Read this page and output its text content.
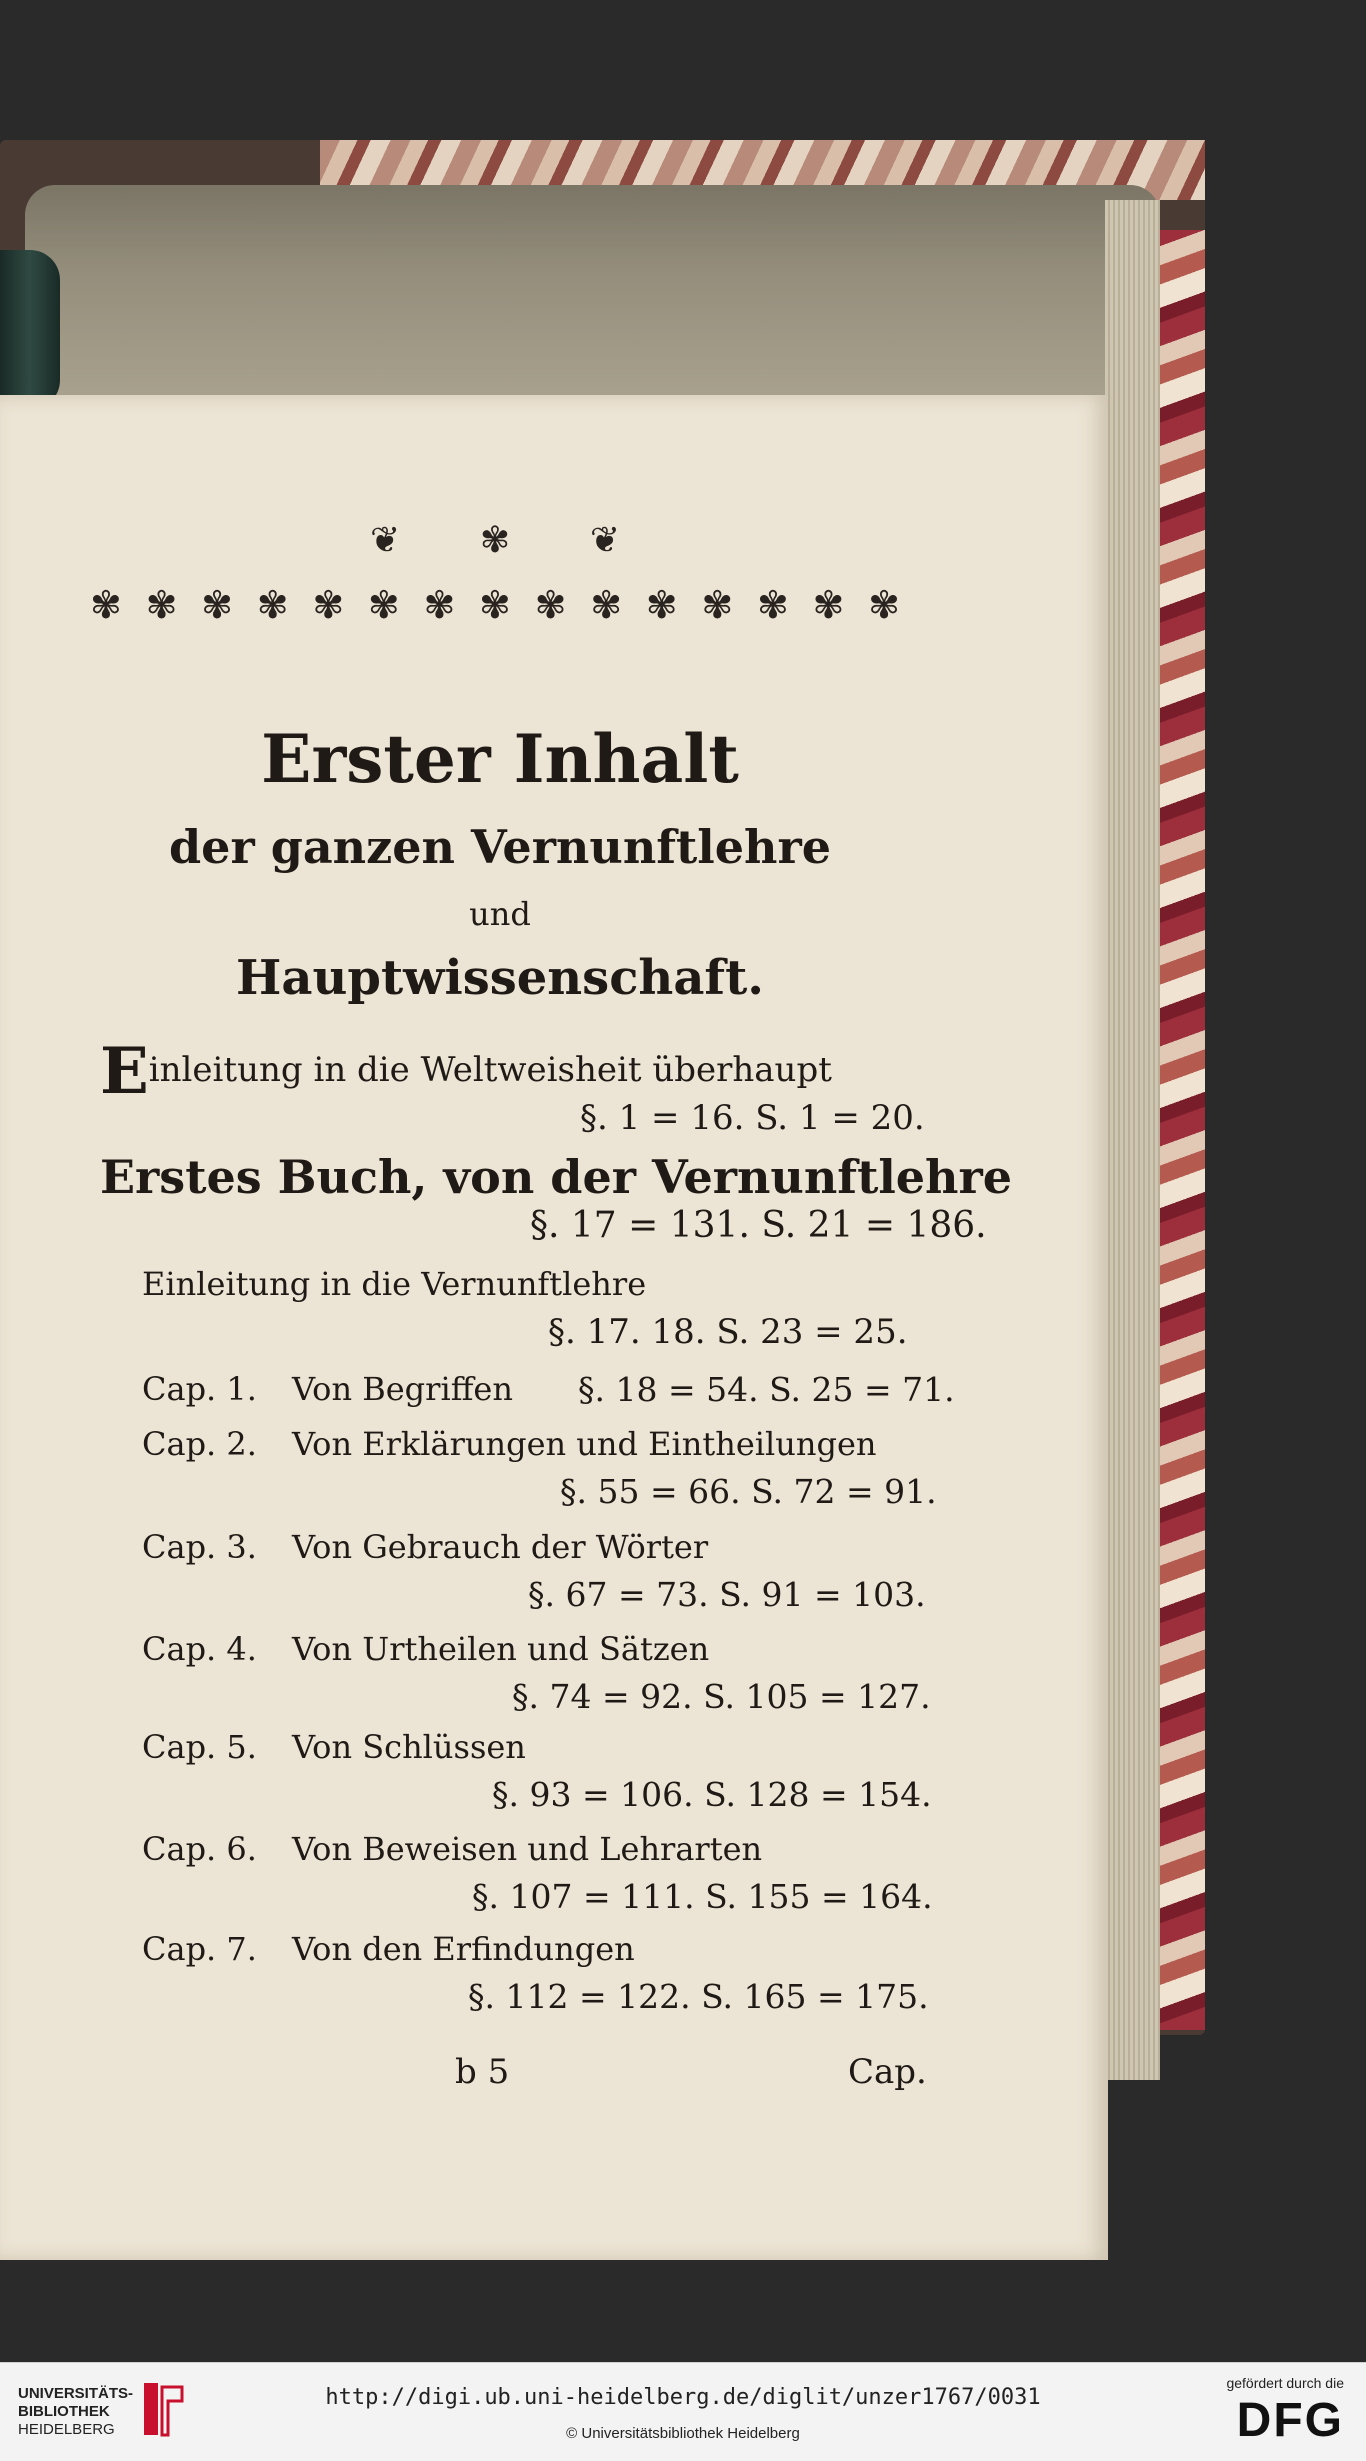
❦ ✾ ❦
✾ ✾ ✾ ✾ ✾ ✾ ✾ ✾ ✾ ✾ ✾ ✾ ✾ ✾ ✾
Erster Inhalt
der ganzen Vernunftlehre
und
Hauptwissenschaft.
Einleitung in die Weltweisheit überhaupt
§. 1 = 16. S. 1 = 20.
Erstes Buch, von der Vernunftlehre
§. 17 = 131. S. 21 = 186.
Einleitung in die Vernunftlehre
§. 17. 18. S. 23 = 25.
Cap. 1. Von Begriffen §. 18 = 54. S. 25 = 71.
Cap. 2. Von Erklärungen und Eintheilungen
§. 55 = 66. S. 72 = 91.
Cap. 3. Von Gebrauch der Wörter
§. 67 = 73. S. 91 = 103.
Cap. 4. Von Urtheilen und Sätzen
§. 74 = 92. S. 105 = 127.
Cap. 5. Von Schlüssen
§. 93 = 106. S. 128 = 154.
Cap. 6. Von Beweisen und Lehrarten
§. 107 = 111. S. 155 = 164.
Cap. 7. Von den Erfindungen
§. 112 = 122. S. 165 = 175.
b 5	Cap.
UNIVERSITÄTS-
BIBLIOTHEK
HEIDELBERG
http://digi.ub.uni-heidelberg.de/diglit/unzer1767/0031
© Universitätsbibliothek Heidelberg
gefördert durch die
DFG
